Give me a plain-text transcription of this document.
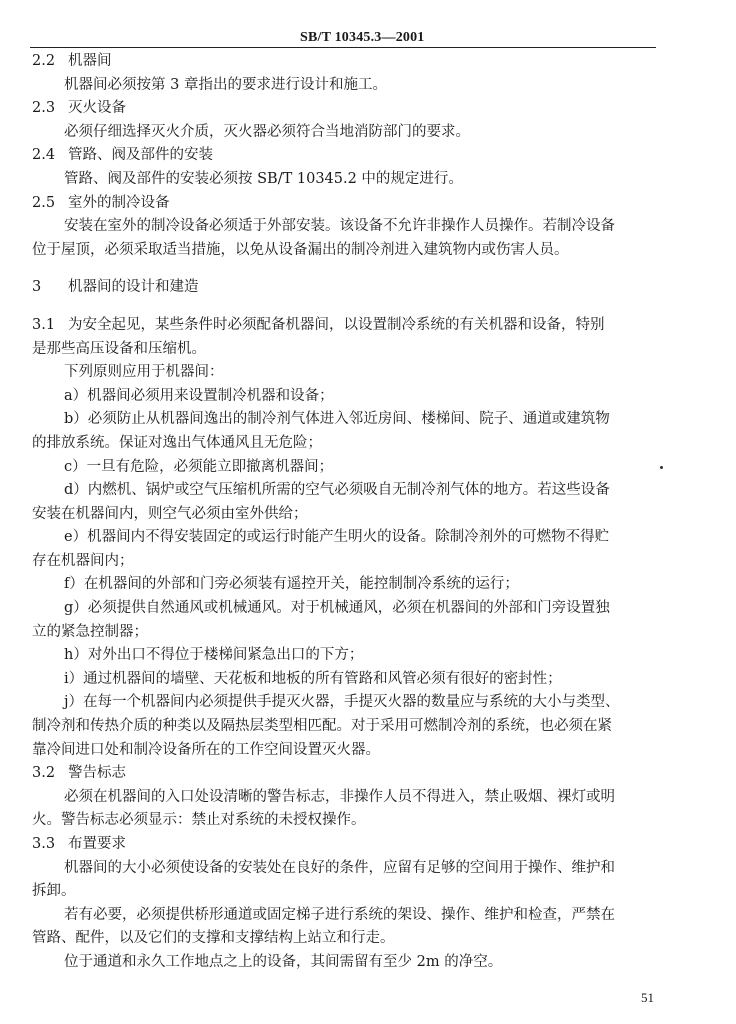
SB/T 10345.3—2001
2.2 机器间
机器间必须按第 3 章指出的要求进行设计和施工。
2.3 灭火设备
必须仔细选择灭火介质，灭火器必须符合当地消防部门的要求。
2.4 管路、阀及部件的安装
管路、阀及部件的安装必须按 SB/T 10345.2 中的规定进行。
2.5 室外的制冷设备
安装在室外的制冷设备必须适于外部安装。该设备不允许非操作人员操作。若制冷设备
位于屋顶，必须采取适当措施，以免从设备漏出的制冷剂进入建筑物内或伤害人员。
3 机器间的设计和建造
3.1 为安全起见，某些条件时必须配备机器间，以设置制冷系统的有关机器和设备，特别
是那些高压设备和压缩机。
下列原则应用于机器间：
a）机器间必须用来设置制冷机器和设备；
b）必须防止从机器间逸出的制冷剂气体进入邻近房间、楼梯间、院子、通道或建筑物
的排放系统。保证对逸出气体通风且无危险；
c）一旦有危险，必须能立即撤离机器间；
d）内燃机、锅炉或空气压缩机所需的空气必须吸自无制冷剂气体的地方。若这些设备
安装在机器间内，则空气必须由室外供给；
e）机器间内不得安装固定的或运行时能产生明火的设备。除制冷剂外的可燃物不得贮
存在机器间内；
f）在机器间的外部和门旁必须装有遥控开关，能控制制冷系统的运行；
g）必须提供自然通风或机械通风。对于机械通风，必须在机器间的外部和门旁设置独
立的紧急控制器；
h）对外出口不得位于楼梯间紧急出口的下方；
i）通过机器间的墙壁、天花板和地板的所有管路和风管必须有很好的密封性；
j）在每一个机器间内必须提供手提灭火器，手提灭火器的数量应与系统的大小与类型、
制冷剂和传热介质的种类以及隔热层类型相匹配。对于采用可燃制冷剂的系统，也必须在紧
靠冷间进口处和制冷设备所在的工作空间设置灭火器。
3.2 警告标志
必须在机器间的入口处设清晰的警告标志，非操作人员不得进入，禁止吸烟、裸灯或明
火。警告标志必须显示：禁止对系统的未授权操作。
3.3 布置要求
机器间的大小必须使设备的安装处在良好的条件，应留有足够的空间用于操作、维护和
拆卸。
若有必要，必须提供桥形通道或固定梯子进行系统的架设、操作、维护和检查，严禁在
管路、配件，以及它们的支撑和支撑结构上站立和行走。
位于通道和永久工作地点之上的设备，其间需留有至少 2m 的净空。
51
